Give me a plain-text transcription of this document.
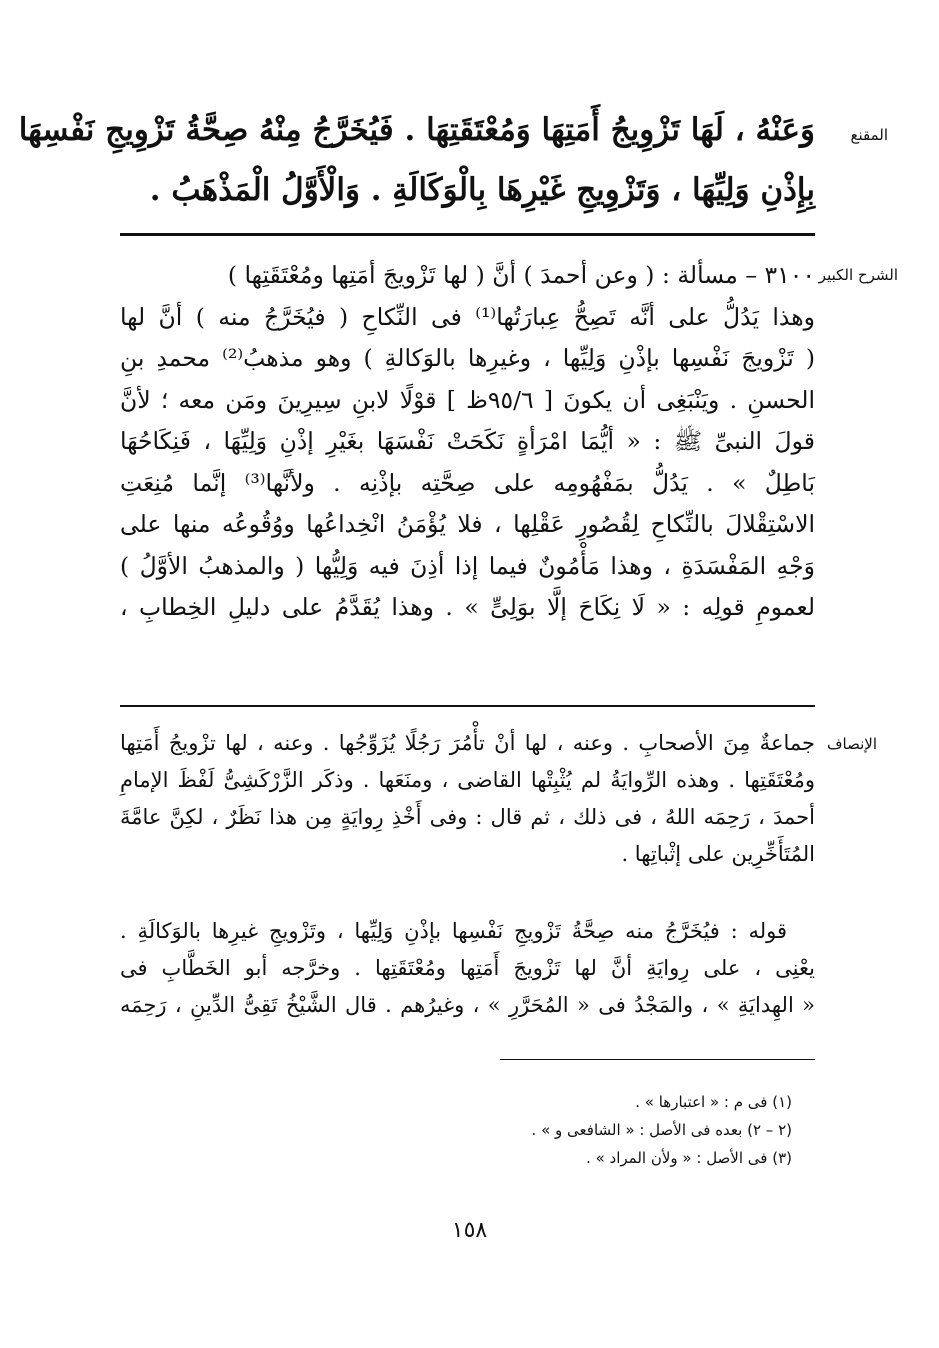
المقنع
وَعَنْهُ ، لَهَا تَزْوِيجُ أَمَتِهَا وَمُعْتَقَتِهَا . فَيُخَرَّجُ مِنْهُ صِحَّةُ تَزْوِيجِ نَفْسِهَا
بِإِذْنِ وَلِيِّهَا ، وَتَزْوِيجِ غَيْرِهَا بِالْوَكَالَةِ . وَالْأَوَّلُ الْمَذْهَبُ .
الشرح الكبير
٣١٠٠ – مسألة : ( وعن أحمدَ ) أنَّ ( لها تَزْويجَ أمَتِها ومُعْتَقَتِها )
وهذا يَدُلُّ على أنَّه تَصِحُّ عِبارَتُها⁽¹⁾ فى النِّكاحِ ( فيُخَرَّجُ منه ) أنَّ لها
( تَزْويجَ نَفْسِها بإذْنِ وَلِيِّها ، وغيرِها بالوَكالةِ ) وهو مذهبُ⁽²⁾ محمدِ بنِ
الحسنِ . ويَنْبَغِى أن يكونَ [ ٩٥/٦ظ ] قوْلًا لابنِ سِيرِينَ ومَن معه ؛ لأنَّ
قولَ النبىِّ ﷺ : « أيُّمَا امْرَأةٍ نَكَحَتْ نَفْسَهَا بغَيْرِ إذْنِ وَلِيِّهَا ، فَنِكَاحُهَا
بَاطِلٌ » . يَدُلُّ بمَفْهُومِه على صِحَّتِه بإذْنِه . ولأنَّها⁽³⁾ إنَّما مُنِعَتِ
الاسْتِقْلالَ بالنِّكاحِ لِقُصُورِ عَقْلِها ، فلا يُؤْمَنُ انْخِداعُها ووُقُوعُه منها على
وَجْهِ المَفْسَدَةِ ، وهذا مَأْمُونٌ فيما إذا أذِنَ فيه وَلِيُّها ( والمذهبُ الأوَّلُ )
لعمومِ قولِه : « لَا نِكَاحَ إلَّا بوَلِىٍّ » . وهذا يُقَدَّمُ على دليلِ الخِطابِ ،
الإنصاف
جماعةٌ مِنَ الأصحابِ . وعنه ، لها أنْ تأْمُرَ رَجُلًا يُزَوِّجُها . وعنه ، لها تزْويجُ أَمَتِها
ومُعْتَقَتِها . وهذه الرِّوايَةُ لم يُثْبِتْها القاضى ، ومنَعَها . وذكَر الزَّرْكَشِىُّ لَفْظَ الإمامِ
أحمدَ ، رَحِمَه اللهُ ، فى ذلك ، ثم قال : وفى أَخْذِ رِوايَةٍ مِن هذا نَظَرٌ ، لكِنَّ عامَّةَ
المُتَأَخِّرِين على إثْباتِها .
قوله : فيُخَرَّجُ منه صِحَّةُ تَزْويجِ نَفْسِها بإذْنِ وَلِيِّها ، وتَزْويجِ غيرِها بالوَكالَةِ .
يعْنِى ، على رِوايَةِ أنَّ لها تَزْويجَ أَمَتِها ومُعْتَقَتِها . وخرَّجه أبو الخَطَّابِ فى
« الهِدايَةِ » ، والمَجْدُ فى « المُحَرَّرِ » ، وغيرُهم . قال الشَّيْخُ تَقِىُّ الدِّينِ ، رَحِمَه
(١) فى م : « اعتبارها » .
(٢ – ٢) بعده فى الأصل : « الشافعى و » .
(٣) فى الأصل : « ولأن المراد » .
١٥٨
